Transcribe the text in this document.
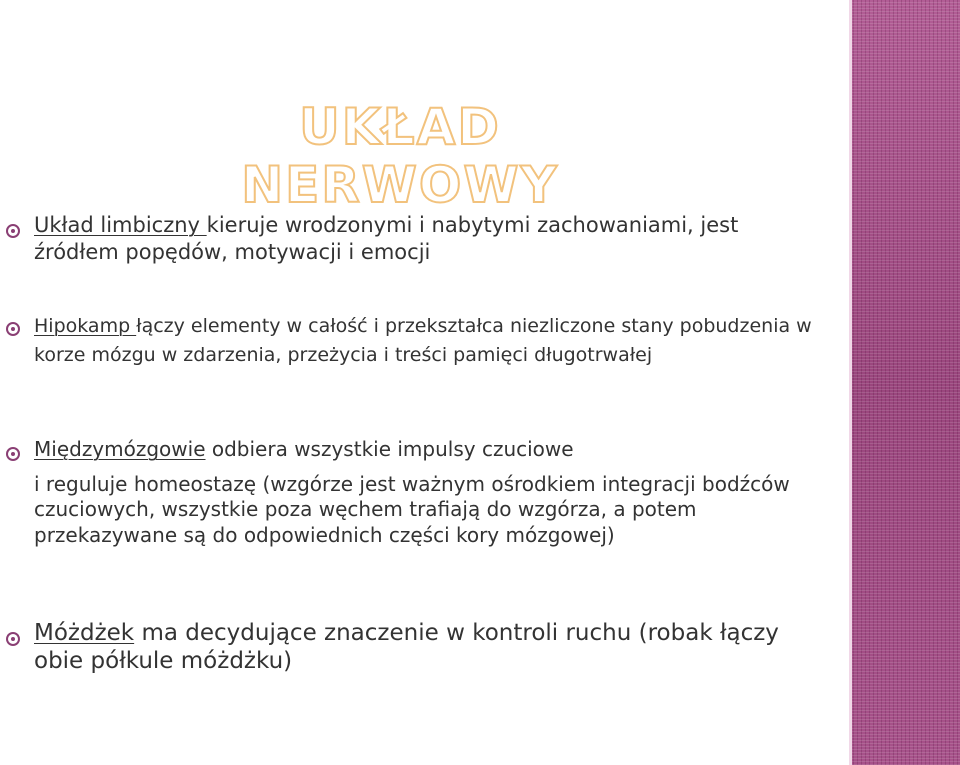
UKŁAD NERWOWY
Układ limbiczny kieruje wrodzonymi i nabytymi zachowaniami, jest źródłem popędów, motywacji i emocji
Hipokamp łączy elementy w całość i przekształca niezliczone stany pobudzenia w korze mózgu w zdarzenia, przeżycia i treści pamięci długotrwałej
Międzymózgowie odbiera wszystkie impulsy czuciowe
i reguluje homeostazę (wzgórze jest ważnym ośrodkiem integracji bodźców czuciowych, wszystkie poza węchem trafiają do wzgórza, a potem przekazywane są do odpowiednich części kory mózgowej)
Móżdżek ma decydujące znaczenie w kontroli ruchu (robak łączy obie półkule móżdżku)
